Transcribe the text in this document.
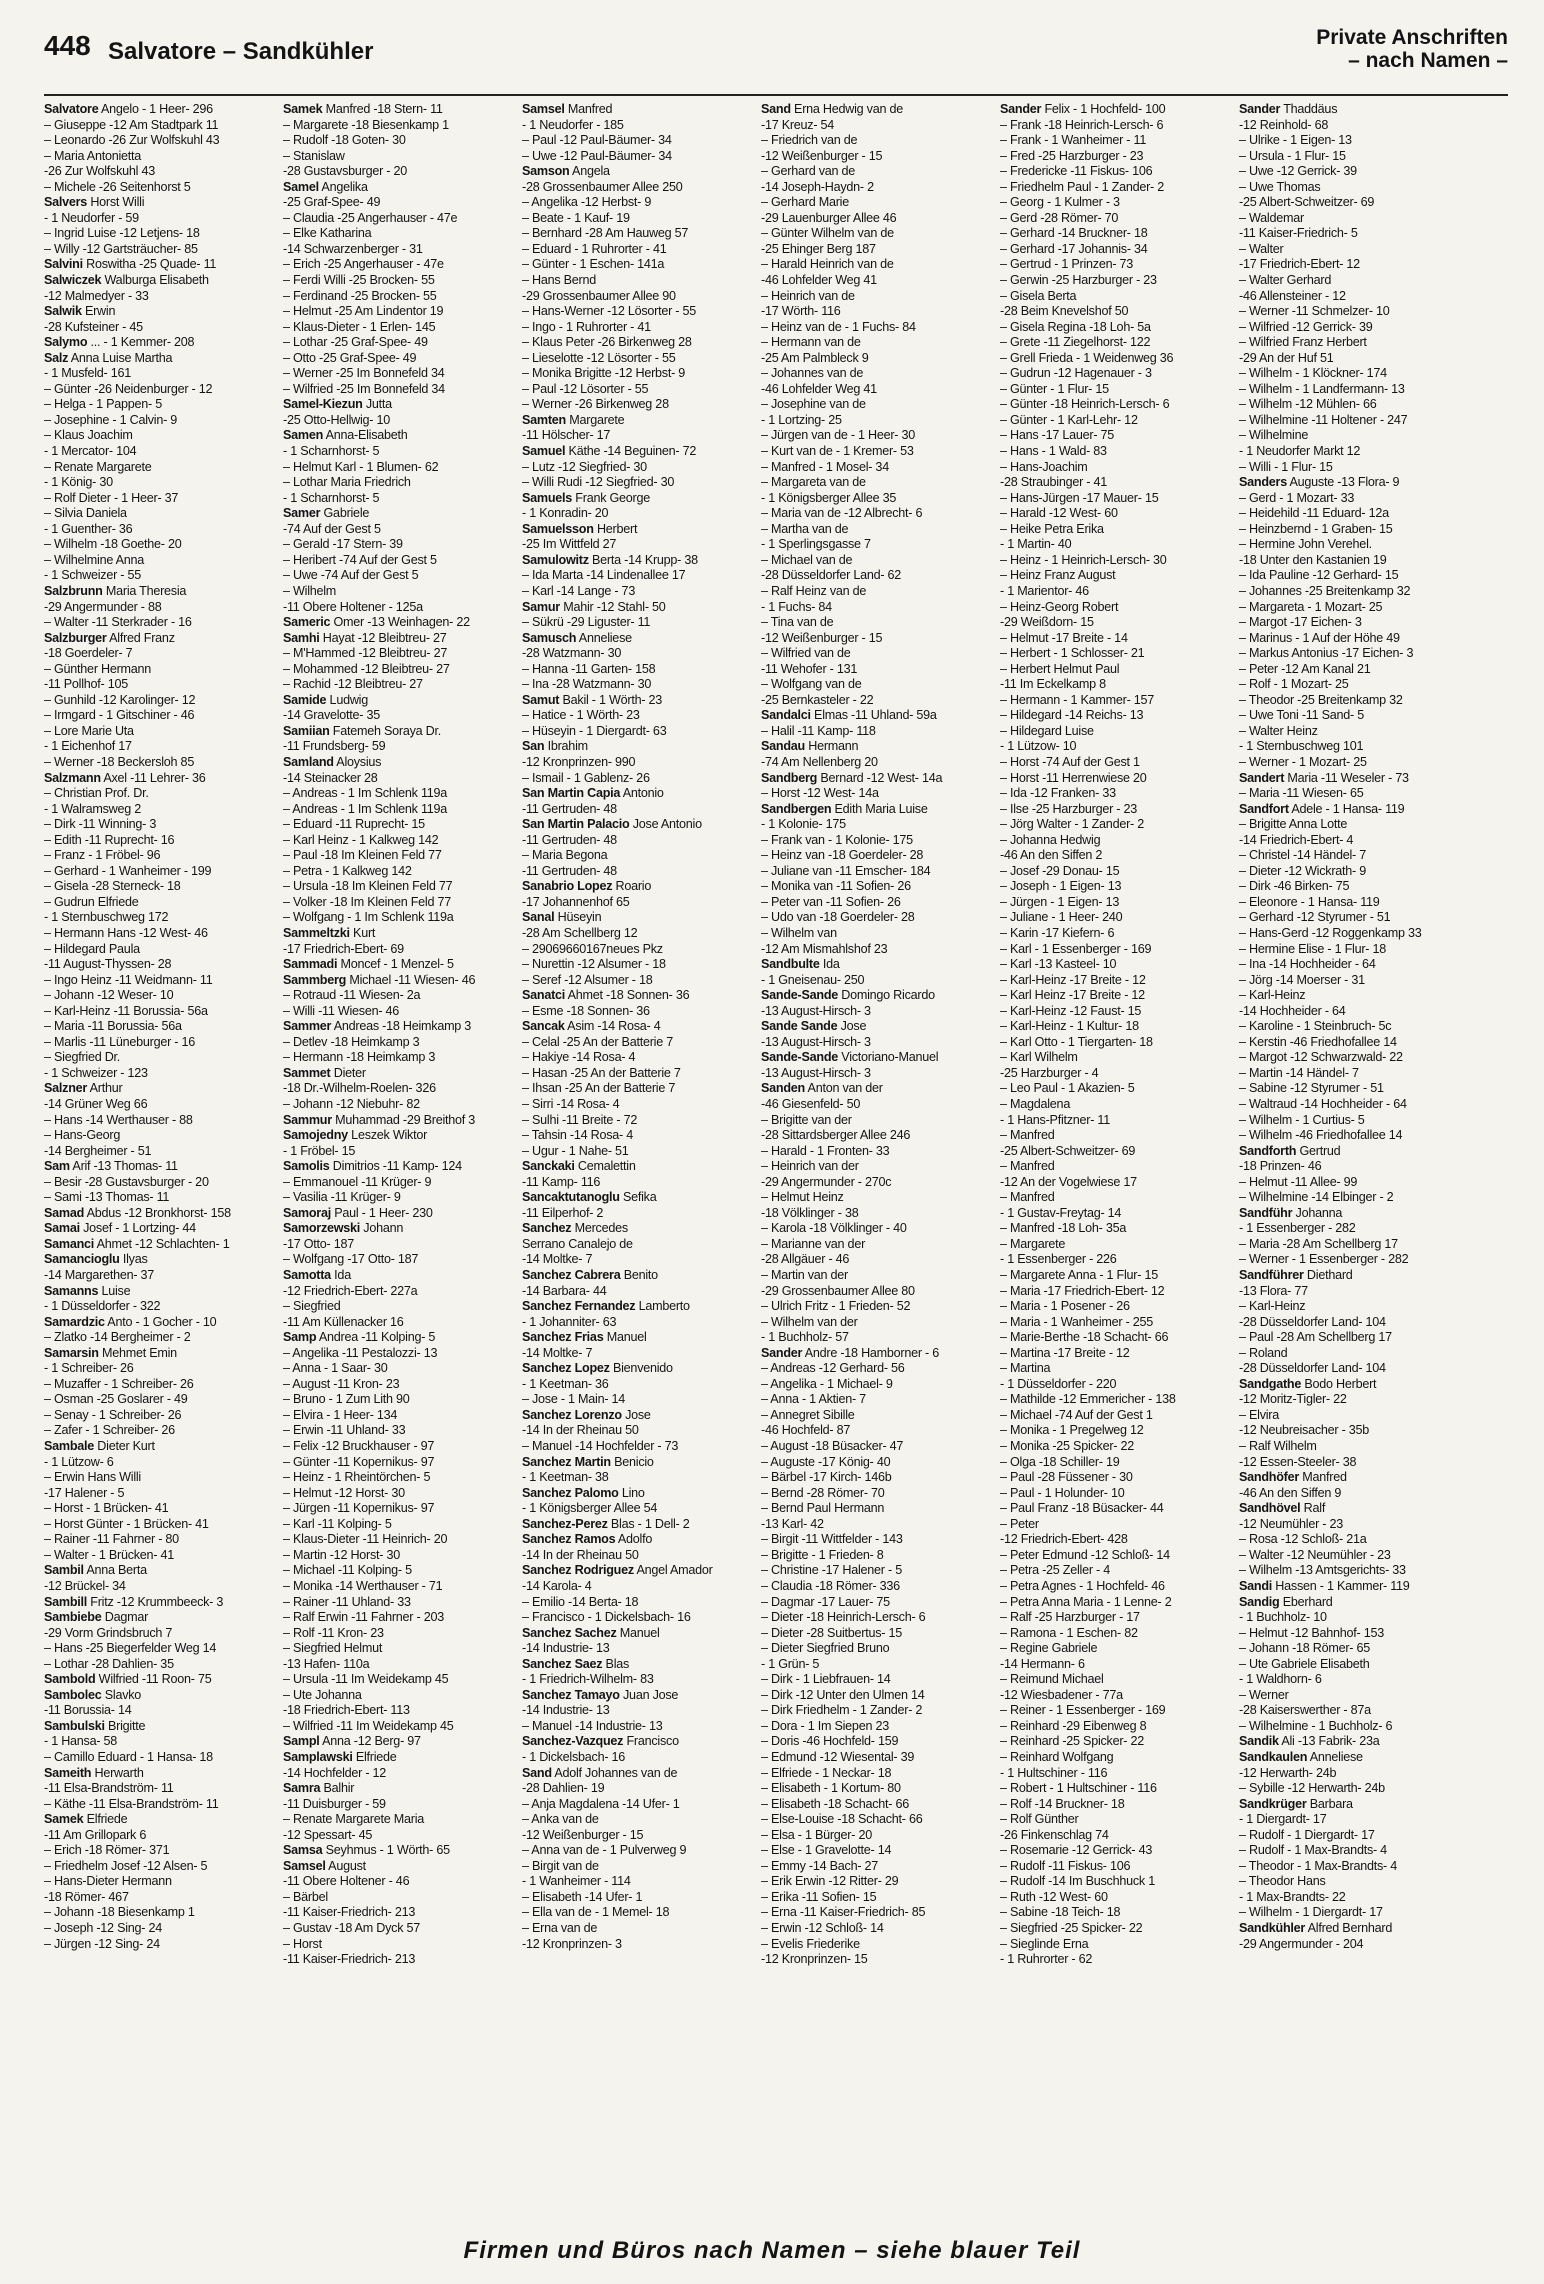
448 Salvatore – Sandkühler
Private Anschriften
– nach Namen –
Salvatore Angelo - 1 Heer- 296
– Giuseppe -12 Am Stadtpark 11
– Leonardo -26 Zur Wolfskuhl 43
– Maria Antonietta
-26 Zur Wolfskuhl 43
– Michele -26 Seitenhorst 5
Salvers Horst Willi
- 1 Neudorfer - 59
– Ingrid Luise -12 Letjens- 18
– Willy -12 Gartsträucher- 85
Salvini Roswitha -25 Quade- 11
Salwiczek Walburga Elisabeth
-12 Malmedyer - 33
Salwik Erwin
-28 Kufsteiner - 45
Salymo ... - 1 Kemmer- 208
Salz Anna Luise Martha
- 1 Musfeld- 161
– Günter -26 Neidenburger - 12
– Helga - 1 Pappen- 5
– Josephine - 1 Calvin- 9
– Klaus Joachim
- 1 Mercator- 104
– Renate Margarete
- 1 König- 30
– Rolf Dieter - 1 Heer- 37
– Silvia Daniela
- 1 Guenther- 36
– Wilhelm -18 Goethe- 20
– Wilhelmine Anna
- 1 Schweizer - 55
Salzbrunn Maria Theresia
-29 Angermunder - 88
– Walter -11 Sterkrader - 16
Salzburger Alfred Franz
-18 Goerdeler- 7
– Günther Hermann
-11 Pollhof- 105
– Gunhild -12 Karolinger- 12
– Irmgard - 1 Gitschiner - 46
– Lore Marie Uta
- 1 Eichenhof 17
– Werner -18 Beckersloh 85
Salzmann Axel -11 Lehrer- 36
– Christian Prof. Dr.
- 1 Walramsweg 2
– Dirk -11 Winning- 3
– Edith -11 Ruprecht- 16
– Franz - 1 Fröbel- 96
– Gerhard - 1 Wanheimer - 199
– Gisela -28 Sterneck- 18
– Gudrun Elfriede
- 1 Sternbuschweg 172
– Hermann Hans -12 West- 46
– Hildegard Paula
-11 August-Thyssen- 28
– Ingo Heinz -11 Weidmann- 11
– Johann -12 Weser- 10
– Karl-Heinz -11 Borussia- 56a
– Maria -11 Borussia- 56a
– Marlis -11 Lüneburger - 16
– Siegfried Dr.
- 1 Schweizer - 123
Salzner Arthur
-14 Grüner Weg 66
– Hans -14 Werthauser - 88
– Hans-Georg
-14 Bergheimer - 51
Sam Arif -13 Thomas- 11
– Besir -28 Gustavsburger - 20
– Sami -13 Thomas- 11
Samad Abdus -12 Bronkhorst- 158
Samai Josef - 1 Lortzing- 44
Samanci Ahmet -12 Schlachten- 1
Samancioglu Ilyas
-14 Margarethen- 37
Samanns Luise
- 1 Düsseldorfer - 322
Samardzic Anto - 1 Gocher - 10
– Zlatko -14 Bergheimer - 2
Samarsin Mehmet Emin
- 1 Schreiber- 26
– Muzaffer - 1 Schreiber- 26
– Osman -25 Goslarer - 49
– Senay - 1 Schreiber- 26
– Zafer - 1 Schreiber- 26
Sambale Dieter Kurt
- 1 Lützow- 6
– Erwin Hans Willi
-17 Halener - 5
– Horst - 1 Brücken- 41
– Horst Günter - 1 Brücken- 41
– Rainer -11 Fahrner - 80
– Walter - 1 Brücken- 41
Sambil Anna Berta
-12 Brückel- 34
Sambill Fritz -12 Krummbeeck- 3
Sambiebe Dagmar
-29 Vorm Grindsbruch 7
– Hans -25 Biegerfelder Weg 14
– Lothar -28 Dahlien- 35
Sambold Wilfried -11 Roon- 75
Sambolec Slavko
-11 Borussia- 14
Sambulski Brigitte
- 1 Hansa- 58
– Camillo Eduard - 1 Hansa- 18
Sameith Herwarth
-11 Elsa-Brandström- 11
– Käthe -11 Elsa-Brandström- 11
Samek Elfriede
-11 Am Grillopark 6
– Erich -18 Römer- 371
– Friedhelm Josef -12 Alsen- 5
– Hans-Dieter Hermann
-18 Römer- 467
– Johann -18 Biesenkamp 1
– Joseph -12 Sing- 24
– Jürgen -12 Sing- 24
Samek Manfred -18 Stern- 11
– Margarete -18 Biesenkamp 1
– Rudolf -18 Goten- 30
– Stanislaw
-28 Gustavsburger - 20
Samel Angelika
-25 Graf-Spee- 49
– Claudia -25 Angerhauser - 47e
– Elke Katharina
-14 Schwarzenberger - 31
– Erich -25 Angerhauser - 47e
– Ferdi Willi -25 Brocken- 55
– Ferdinand -25 Brocken- 55
– Helmut -25 Am Lindentor 19
– Klaus-Dieter - 1 Erlen- 145
– Lothar -25 Graf-Spee- 49
– Otto -25 Graf-Spee- 49
– Werner -25 Im Bonnefeld 34
– Wilfried -25 Im Bonnefeld 34
Samel-Kiezun Jutta
-25 Otto-Hellwig- 10
Samen Anna-Elisabeth
- 1 Scharnhorst- 5
– Helmut Karl - 1 Blumen- 62
– Lothar Maria Friedrich
- 1 Scharnhorst- 5
Samer Gabriele
-74 Auf der Gest 5
– Gerald -17 Stern- 39
– Heribert -74 Auf der Gest 5
– Uwe -74 Auf der Gest 5
– Wilhelm
-11 Obere Holtener - 125a
Sameric Omer -13 Weinhagen- 22
Samhi Hayat -12 Bleibtreu- 27
– M'Hammed -12 Bleibtreu- 27
– Mohammed -12 Bleibtreu- 27
– Rachid -12 Bleibtreu- 27
Samide Ludwig
-14 Gravelotte- 35
Samiian Fatemeh Soraya Dr.
-11 Frundsberg- 59
Samland Aloysius
-14 Steinacker 28
– Andreas - 1 Im Schlenk 119a
– Andreas - 1 Im Schlenk 119a
– Eduard -11 Ruprecht- 15
– Karl Heinz - 1 Kalkweg 142
– Paul -18 Im Kleinen Feld 77
– Petra - 1 Kalkweg 142
– Ursula -18 Im Kleinen Feld 77
– Volker -18 Im Kleinen Feld 77
– Wolfgang - 1 Im Schlenk 119a
Sammeltzki Kurt
-17 Friedrich-Ebert- 69
Sammadi Moncef - 1 Menzel- 5
Sammberg Michael -11 Wiesen- 46
– Rotraud -11 Wiesen- 2a
– Willi -11 Wiesen- 46
Sammer Andreas -18 Heimkamp 3
– Detlev -18 Heimkamp 3
– Hermann -18 Heimkamp 3
Sammet Dieter
-18 Dr.-Wilhelm-Roelen- 326
– Johann -12 Niebuhr- 82
Sammur Muhammad -29 Breithof 3
Samojedny Leszek Wiktor
- 1 Fröbel- 15
Samolis Dimitrios -11 Kamp- 124
– Emmanouel -11 Krüger- 9
– Vasilia -11 Krüger- 9
Samoraj Paul - 1 Heer- 230
Samorzewski Johann
-17 Otto- 187
– Wolfgang -17 Otto- 187
Samotta Ida
-12 Friedrich-Ebert- 227a
– Siegfried
-11 Am Küllenacker 16
Samp Andrea -11 Kolping- 5
– Angelika -11 Pestalozzi- 13
– Anna - 1 Saar- 30
– August -11 Kron- 23
– Bruno - 1 Zum Lith 90
– Elvira - 1 Heer- 134
– Erwin -11 Uhland- 33
– Felix -12 Bruckhauser - 97
– Günter -11 Kopernikus- 97
– Heinz - 1 Rheintörchen- 5
– Helmut -12 Horst- 30
– Jürgen -11 Kopernikus- 97
– Karl -11 Kolping- 5
– Klaus-Dieter -11 Heinrich- 20
– Martin -12 Horst- 30
– Michael -11 Kolping- 5
– Monika -14 Werthauser - 71
– Rainer -11 Uhland- 33
– Ralf Erwin -11 Fahrner - 203
– Rolf -11 Kron- 23
– Siegfried Helmut
-13 Hafen- 110a
– Ursula -11 Im Weidekamp 45
– Ute Johanna
-18 Friedrich-Ebert- 113
– Wilfried -11 Im Weidekamp 45
Sampl Anna -12 Berg- 97
Samplawski Elfriede
-14 Hochfelder - 12
Samra Balhir
-11 Duisburger - 59
– Renate Margarete Maria
-12 Spessart- 45
Samsa Seyhmus - 1 Wörth- 65
Samsel August
-11 Obere Holtener - 46
– Bärbel
-11 Kaiser-Friedrich- 213
– Gustav -18 Am Dyck 57
– Horst
-11 Kaiser-Friedrich- 213
Samsel Manfred
- 1 Neudorfer - 185
– Paul -12 Paul-Bäumer- 34
– Uwe -12 Paul-Bäumer- 34
Samson Angela
-28 Grossenbaumer Allee 250
– Angelika -12 Herbst- 9
– Beate - 1 Kauf- 19
– Bernhard -28 Am Hauweg 57
– Eduard - 1 Ruhrorter - 41
– Günter - 1 Eschen- 141a
– Hans Bernd
-29 Grossenbaumer Allee 90
– Hans-Werner -12 Lösorter - 55
– Ingo - 1 Ruhrorter - 41
– Klaus Peter -26 Birkenweg 28
– Lieselotte -12 Lösorter - 55
– Monika Brigitte -12 Herbst- 9
– Paul -12 Lösorter - 55
– Werner -26 Birkenweg 28
Samten Margarete
-11 Hölscher- 17
Samuel Käthe -14 Beguinen- 72
– Lutz -12 Siegfried- 30
– Willi Rudi -12 Siegfried- 30
Samuels Frank George
- 1 Konradin- 20
Samuelsson Herbert
-25 Im Wittfeld 27
Samulowitz Berta -14 Krupp- 38
– Ida Marta -14 Lindenallee 17
– Karl -14 Lange - 73
Samur Mahir -12 Stahl- 50
– Sükrü -29 Liguster- 11
Samusch Anneliese
-28 Watzmann- 30
– Hanna -11 Garten- 158
– Ina -28 Watzmann- 30
Samut Bakil - 1 Wörth- 23
– Hatice - 1 Wörth- 23
– Hüseyin - 1 Diergardt- 63
San Ibrahim
-12 Kronprinzen- 990
– Ismail - 1 Gablenz- 26
San Martin Capia Antonio
-11 Gertruden- 48
San Martin Palacio Jose Antonio
-11 Gertruden- 48
– Maria Begona
-11 Gertruden- 48
Sanabrio Lopez Roario
-17 Johannenhof 65
Sanal Hüseyin
-28 Am Schellberg 12
– 29069660167neues Pkz
– Nurettin -12 Alsumer - 18
– Seref -12 Alsumer - 18
Sanatci Ahmet -18 Sonnen- 36
– Esme -18 Sonnen- 36
Sancak Asim -14 Rosa- 4
– Celal -25 An der Batterie 7
– Hakiye -14 Rosa- 4
– Hasan -25 An der Batterie 7
– Ihsan -25 An der Batterie 7
– Sirri -14 Rosa- 4
– Sulhi -11 Breite - 72
– Tahsin -14 Rosa- 4
– Ugur - 1 Nahe- 51
Sanckaki Cemalettin
-11 Kamp- 116
Sancaktutanoglu Sefika
-11 Eilperhof- 2
Sanchez Mercedes
Serrano Canalejo de
-14 Moltke- 7
Sanchez Cabrera Benito
-14 Barbara- 44
Sanchez Fernandez Lamberto
- 1 Johanniter- 63
Sanchez Frias Manuel
-14 Moltke- 7
Sanchez Lopez Bienvenido
- 1 Keetman- 36
– Jose - 1 Main- 14
Sanchez Lorenzo Jose
-14 In der Rheinau 50
– Manuel -14 Hochfelder - 73
Sanchez Martin Benicio
- 1 Keetman- 38
Sanchez Palomo Lino
- 1 Königsberger Allee 54
Sanchez-Perez Blas - 1 Dell- 2
Sanchez Ramos Adolfo
-14 In der Rheinau 50
Sanchez Rodriguez Angel Amador
-14 Karola- 4
– Emilio -14 Berta- 18
– Francisco - 1 Dickelsbach- 16
Sanchez Sachez Manuel
-14 Industrie- 13
Sanchez Saez Blas
- 1 Friedrich-Wilhelm- 83
Sanchez Tamayo Juan Jose
-14 Industrie- 13
– Manuel -14 Industrie- 13
Sanchez-Vazquez Francisco
- 1 Dickelsbach- 16
Sand Adolf Johannes van de
-28 Dahlien- 19
– Anja Magdalena -14 Ufer- 1
– Anka van de
-12 Weißenburger - 15
– Anna van de - 1 Pulverweg 9
– Birgit van de
- 1 Wanheimer - 114
– Elisabeth -14 Ufer- 1
– Ella van de - 1 Memel- 18
– Erna van de
-12 Kronprinzen- 3
Sand Erna Hedwig van de
-17 Kreuz- 54
– Friedrich van de
-12 Weißenburger - 15
– Gerhard van de
-14 Joseph-Haydn- 2
– Gerhard Marie
-29 Lauenburger Allee 46
– Günter Wilhelm van de
-25 Ehinger Berg 187
– Harald Heinrich van de
-46 Lohfelder Weg 41
– Heinrich van de
-17 Wörth- 116
– Heinz van de - 1 Fuchs- 84
– Hermann van de
-25 Am Palmbleck 9
– Johannes van de
-46 Lohfelder Weg 41
– Josephine van de
- 1 Lortzing- 25
– Jürgen van de - 1 Heer- 30
– Kurt van de - 1 Kremer- 53
– Manfred - 1 Mosel- 34
– Margareta van de
- 1 Königsberger Allee 35
– Maria van de -12 Albrecht- 6
– Martha van de
- 1 Sperlingsgasse 7
– Michael van de
-28 Düsseldorfer Land- 62
– Ralf Heinz van de
- 1 Fuchs- 84
– Tina van de
-12 Weißenburger - 15
– Wilfried van de
-11 Wehofer - 131
– Wolfgang van de
-25 Bernkasteler - 22
Sandalci Elmas -11 Uhland- 59a
– Halil -11 Kamp- 118
Sandau Hermann
-74 Am Nellenberg 20
Sandberg Bernard -12 West- 14a
– Horst -12 West- 14a
Sandbergen Edith Maria Luise
- 1 Kolonie- 175
– Frank van - 1 Kolonie- 175
– Heinz van -18 Goerdeler- 28
– Juliane van -11 Emscher- 184
– Monika van -11 Sofien- 26
– Peter van -11 Sofien- 26
– Udo van -18 Goerdeler- 28
– Wilhelm van
-12 Am Mismahlshof 23
Sandbulte Ida
- 1 Gneisenau- 250
Sande-Sande Domingo Ricardo
-13 August-Hirsch- 3
Sande Sande Jose
-13 August-Hirsch- 3
Sande-Sande Victoriano-Manuel
-13 August-Hirsch- 3
Sanden Anton van der
-46 Giesenfeld- 50
– Brigitte van der
-28 Sittardsberger Allee 246
– Harald - 1 Fronten- 33
– Heinrich van der
-29 Angermunder - 270c
– Helmut Heinz
-18 Völklinger - 38
– Karola -18 Völklinger - 40
– Marianne van der
-28 Allgäuer - 46
– Martin van der
-29 Grossenbaumer Allee 80
– Ulrich Fritz - 1 Frieden- 52
– Wilhelm van der
- 1 Buchholz- 57
Sander Andre -18 Hamborner - 6
– Andreas -12 Gerhard- 56
– Angelika - 1 Michael- 9
– Anna - 1 Aktien- 7
– Annegret Sibille
-46 Hochfeld- 87
– August -18 Büsacker- 47
– Auguste -17 König- 40
– Bärbel -17 Kirch- 146b
– Bernd -28 Römer- 70
– Bernd Paul Hermann
-13 Karl- 42
– Birgit -11 Wittfelder - 143
– Brigitte - 1 Frieden- 8
– Christine -17 Halener - 5
– Claudia -18 Römer- 336
– Dagmar -17 Lauer- 75
– Dieter -18 Heinrich-Lersch- 6
– Dieter -28 Suitbertus- 15
– Dieter Siegfried Bruno
- 1 Grün- 5
– Dirk - 1 Liebfrauen- 14
– Dirk -12 Unter den Ulmen 14
– Dirk Friedhelm - 1 Zander- 2
– Dora - 1 Im Siepen 23
– Doris -46 Hochfeld- 159
– Edmund -12 Wiesental- 39
– Elfriede - 1 Neckar- 18
– Elisabeth - 1 Kortum- 80
– Elisabeth -18 Schacht- 66
– Else-Louise -18 Schacht- 66
– Elsa - 1 Bürger- 20
– Else - 1 Gravelotte- 14
– Emmy -14 Bach- 27
– Erik Erwin -12 Ritter- 29
– Erika -11 Sofien- 15
– Erna -11 Kaiser-Friedrich- 85
– Erwin -12 Schloß- 14
– Evelis Friederike
-12 Kronprinzen- 15
Sander Felix - 1 Hochfeld- 100
– Frank -18 Heinrich-Lersch- 6
– Frank - 1 Wanheimer - 11
– Fred -25 Harzburger - 23
– Fredericke -11 Fiskus- 106
– Friedhelm Paul - 1 Zander- 2
– Georg - 1 Kulmer - 3
– Gerd -28 Römer- 70
– Gerhard -14 Bruckner- 18
– Gerhard -17 Johannis- 34
– Gertrud - 1 Prinzen- 73
– Gerwin -25 Harzburger - 23
– Gisela Berta
-28 Beim Knevelshof 50
– Gisela Regina -18 Loh- 5a
– Grete -11 Ziegelhorst- 122
– Grell Frieda - 1 Weidenweg 36
– Gudrun -12 Hagenauer - 3
– Günter - 1 Flur- 15
– Günter -18 Heinrich-Lersch- 6
– Günter - 1 Karl-Lehr- 12
– Hans -17 Lauer- 75
– Hans - 1 Wald- 83
– Hans-Joachim
-28 Straubinger - 41
– Hans-Jürgen -17 Mauer- 15
– Harald -12 West- 60
– Heike Petra Erika
- 1 Martin- 40
– Heinz - 1 Heinrich-Lersch- 30
– Heinz Franz August
- 1 Marientor- 46
– Heinz-Georg Robert
-29 Weißdorn- 15
– Helmut -17 Breite - 14
– Herbert - 1 Schlosser- 21
– Herbert Helmut Paul
-11 Im Eckelkamp 8
– Hermann - 1 Kammer- 157
– Hildegard -14 Reichs- 13
– Hildegard Luise
- 1 Lützow- 10
– Horst -74 Auf der Gest 1
– Horst -11 Herrenwiese 20
– Ida -12 Franken- 33
– Ilse -25 Harzburger - 23
– Jörg Walter - 1 Zander- 2
– Johanna Hedwig
-46 An den Siffen 2
– Josef -29 Donau- 15
– Joseph - 1 Eigen- 13
– Jürgen - 1 Eigen- 13
– Juliane - 1 Heer- 240
– Karin -17 Kiefern- 6
– Karl - 1 Essenberger - 169
– Karl -13 Kasteel- 10
– Karl-Heinz -17 Breite - 12
– Karl Heinz -17 Breite - 12
– Karl-Heinz -12 Faust- 15
– Karl-Heinz - 1 Kultur- 18
– Karl Otto - 1 Tiergarten- 18
– Karl Wilhelm
-25 Harzburger - 4
– Leo Paul - 1 Akazien- 5
– Magdalena
- 1 Hans-Pfitzner- 11
– Manfred
-25 Albert-Schweitzer- 69
– Manfred
-12 An der Vogelwiese 17
– Manfred
- 1 Gustav-Freytag- 14
– Manfred -18 Loh- 35a
– Margarete
- 1 Essenberger - 226
– Margarete Anna - 1 Flur- 15
– Maria -17 Friedrich-Ebert- 12
– Maria - 1 Posener - 26
– Maria - 1 Wanheimer - 255
– Marie-Berthe -18 Schacht- 66
– Martina -17 Breite - 12
– Martina
- 1 Düsseldorfer - 220
– Mathilde -12 Emmericher - 138
– Michael -74 Auf der Gest 1
– Monika - 1 Pregelweg 12
– Monika -25 Spicker- 22
– Olga -18 Schiller- 19
– Paul -28 Füssener - 30
– Paul - 1 Holunder- 10
– Paul Franz -18 Büsacker- 44
– Peter
-12 Friedrich-Ebert- 428
– Peter Edmund -12 Schloß- 14
– Petra -25 Zeller - 4
– Petra Agnes - 1 Hochfeld- 46
– Petra Anna Maria - 1 Lenne- 2
– Ralf -25 Harzburger - 17
– Ramona - 1 Eschen- 82
– Regine Gabriele
-14 Hermann- 6
– Reimund Michael
-12 Wiesbadener - 77a
– Reiner - 1 Essenberger - 169
– Reinhard -29 Eibenweg 8
– Reinhard -25 Spicker- 22
– Reinhard Wolfgang
- 1 Hultschiner - 116
– Robert - 1 Hultschiner - 116
– Rolf -14 Bruckner- 18
– Rolf Günther
-26 Finkenschlag 74
– Rosemarie -12 Gerrick- 43
– Rudolf -11 Fiskus- 106
– Rudolf -14 Im Buschhuck 1
– Ruth -12 West- 60
– Sabine -18 Teich- 18
– Siegfried -25 Spicker- 22
– Sieglinde Erna
- 1 Ruhrorter - 62
Sander Thaddäus
-12 Reinhold- 68
– Ulrike - 1 Eigen- 13
– Ursula - 1 Flur- 15
– Uwe -12 Gerrick- 39
– Uwe Thomas
-25 Albert-Schweitzer- 69
– Waldemar
-11 Kaiser-Friedrich- 5
– Walter
-17 Friedrich-Ebert- 12
– Walter Gerhard
-46 Allensteiner - 12
– Werner -11 Schmelzer- 10
– Wilfried -12 Gerrick- 39
– Wilfried Franz Herbert
-29 An der Huf 51
– Wilhelm - 1 Klöckner- 174
– Wilhelm - 1 Landfermann- 13
– Wilhelm -12 Mühlen- 66
– Wilhelmine -11 Holtener - 247
– Wilhelmine
- 1 Neudorfer Markt 12
– Willi - 1 Flur- 15
Sanders Auguste -13 Flora- 9
– Gerd - 1 Mozart- 33
– Heidehild -11 Eduard- 12a
– Heinzbernd - 1 Graben- 15
– Hermine John Verehel.
-18 Unter den Kastanien 19
– Ida Pauline -12 Gerhard- 15
– Johannes -25 Breitenkamp 32
– Margareta - 1 Mozart- 25
– Margot -17 Eichen- 3
– Marinus - 1 Auf der Höhe 49
– Markus Antonius -17 Eichen- 3
– Peter -12 Am Kanal 21
– Rolf - 1 Mozart- 25
– Theodor -25 Breitenkamp 32
– Uwe Toni -11 Sand- 5
– Walter Heinz
- 1 Sternbuschweg 101
– Werner - 1 Mozart- 25
Sandert Maria -11 Weseler - 73
– Maria -11 Wiesen- 65
Sandfort Adele - 1 Hansa- 119
– Brigitte Anna Lotte
-14 Friedrich-Ebert- 4
– Christel -14 Händel- 7
– Dieter -12 Wickrath- 9
– Dirk -46 Birken- 75
– Eleonore - 1 Hansa- 119
– Gerhard -12 Styrumer - 51
– Hans-Gerd -12 Roggenkamp 33
– Hermine Elise - 1 Flur- 18
– Ina -14 Hochheider - 64
– Jörg -14 Moerser - 31
– Karl-Heinz
-14 Hochheider - 64
– Karoline - 1 Steinbruch- 5c
– Kerstin -46 Friedhofallee 14
– Margot -12 Schwarzwald- 22
– Martin -14 Händel- 7
– Sabine -12 Styrumer - 51
– Waltraud -14 Hochheider - 64
– Wilhelm - 1 Curtius- 5
– Wilhelm -46 Friedhofallee 14
Sandforth Gertrud
-18 Prinzen- 46
– Helmut -11 Allee- 99
– Wilhelmine -14 Elbinger - 2
Sandführ Johanna
- 1 Essenberger - 282
– Maria -28 Am Schellberg 17
– Werner - 1 Essenberger - 282
Sandführer Diethard
-13 Flora- 77
– Karl-Heinz
-28 Düsseldorfer Land- 104
– Paul -28 Am Schellberg 17
– Roland
-28 Düsseldorfer Land- 104
Sandgathe Bodo Herbert
-12 Moritz-Tigler- 22
– Elvira
-12 Neubreisacher - 35b
– Ralf Wilhelm
-12 Essen-Steeler- 38
Sandhöfer Manfred
-46 An den Siffen 9
Sandhövel Ralf
-12 Neumühler - 23
– Rosa -12 Schloß- 21a
– Walter -12 Neumühler - 23
– Wilhelm -13 Amtsgerichts- 33
Sandi Hassen - 1 Kammer- 119
Sandig Eberhard
- 1 Buchholz- 10
– Helmut -12 Bahnhof- 153
– Johann -18 Römer- 65
– Ute Gabriele Elisabeth
- 1 Waldhorn- 6
– Werner
-28 Kaiserswerther - 87a
– Wilhelmine - 1 Buchholz- 6
Sandik Ali -13 Fabrik- 23a
Sandkaulen Anneliese
-12 Herwarth- 24b
– Sybille -12 Herwarth- 24b
Sandkrüger Barbara
- 1 Diergardt- 17
– Rudolf - 1 Diergardt- 17
– Rudolf - 1 Max-Brandts- 4
– Theodor - 1 Max-Brandts- 4
– Theodor Hans
- 1 Max-Brandts- 22
– Wilhelm - 1 Diergardt- 17
Sandkühler Alfred Bernhard
-29 Angermunder - 204
Firmen und Büros nach Namen – siehe blauer Teil
